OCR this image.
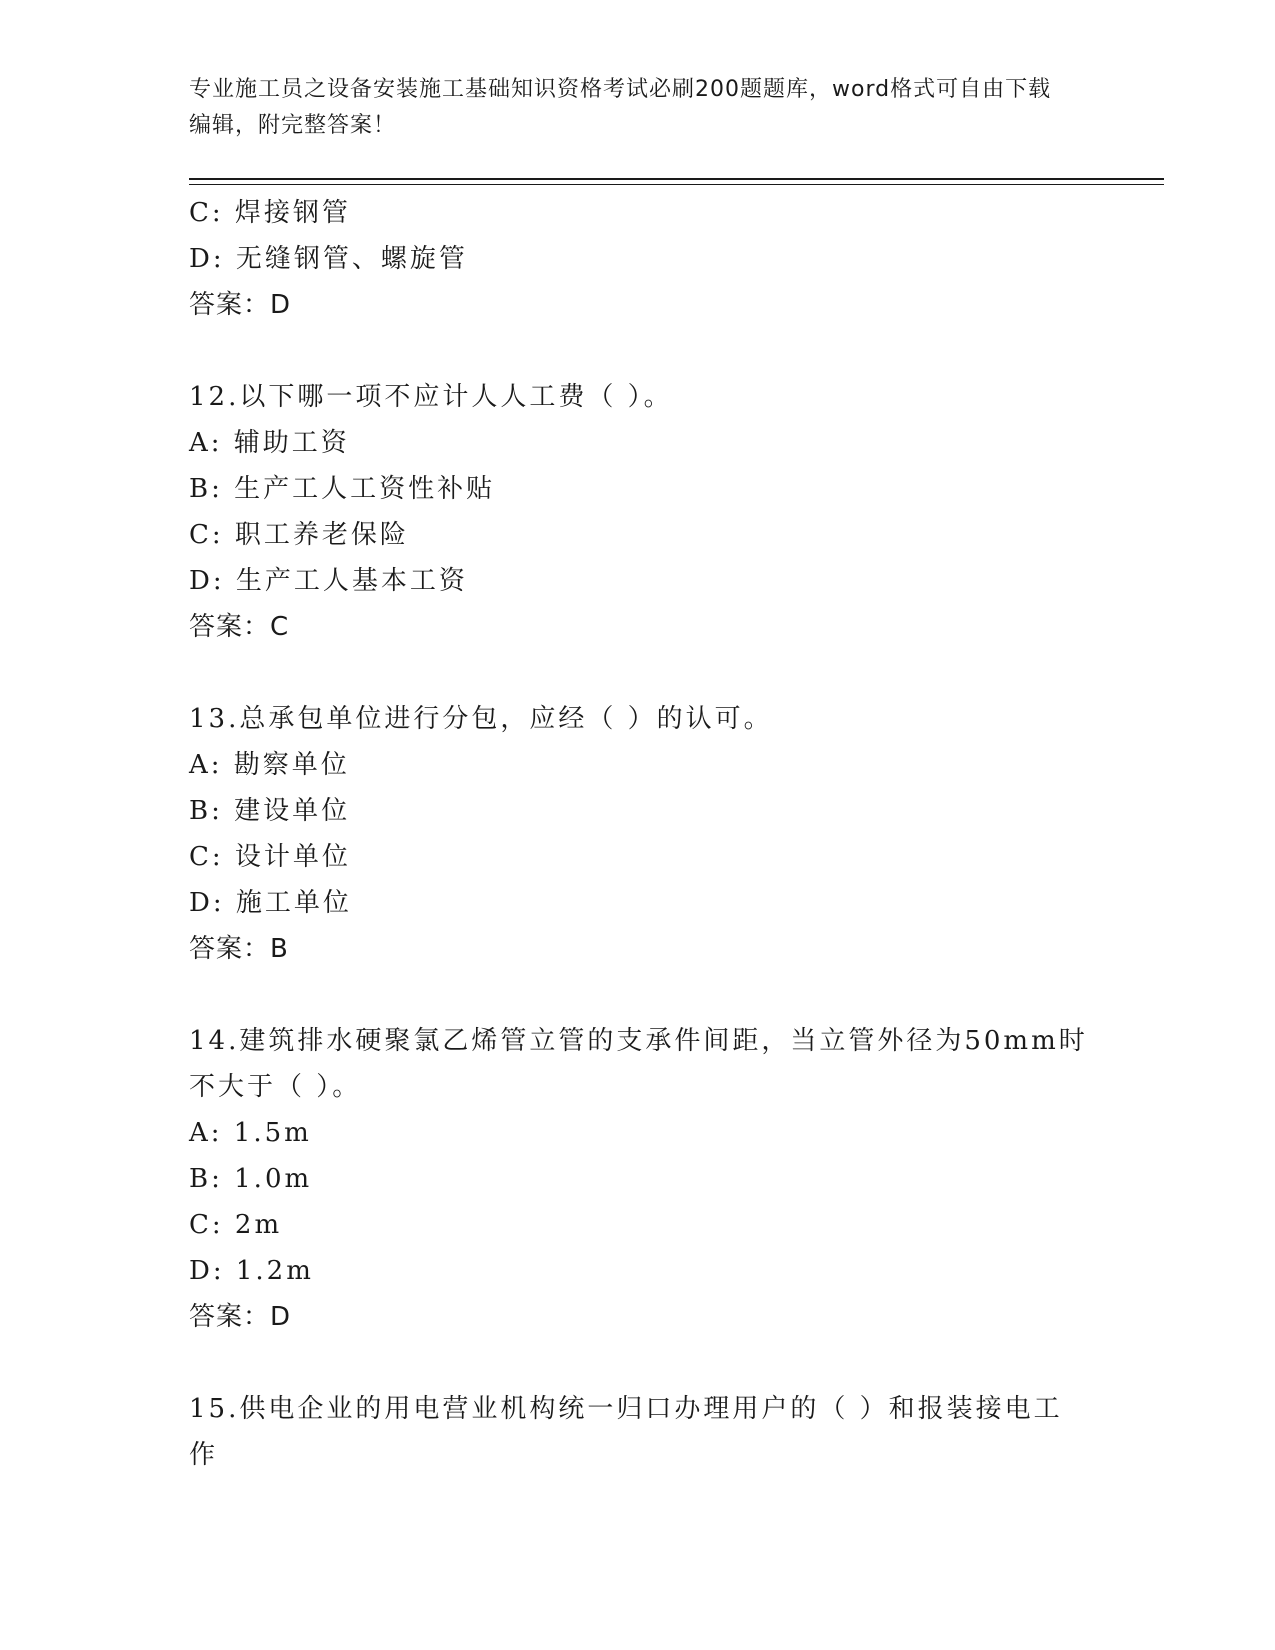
专业施工员之设备安装施工基础知识资格考试必刷200题题库，word格式可自由下载编辑，附完整答案！
C: 焊接钢管
D: 无缝钢管、螺旋管
答案：D
12.以下哪一项不应计人人工费（ ）。
A: 辅助工资
B: 生产工人工资性补贴
C: 职工养老保险
D: 生产工人基本工资
答案：C
13.总承包单位进行分包，应经（ ）的认可。
A: 勘察单位
B: 建设单位
C: 设计单位
D: 施工单位
答案：B
14.建筑排水硬聚氯乙烯管立管的支承件间距，当立管外径为50mm时不大于（ ）。
A: 1.5m
B: 1.0m
C: 2m
D: 1.2m
答案：D
15.供电企业的用电营业机构统一归口办理用户的（ ）和报装接电工作
